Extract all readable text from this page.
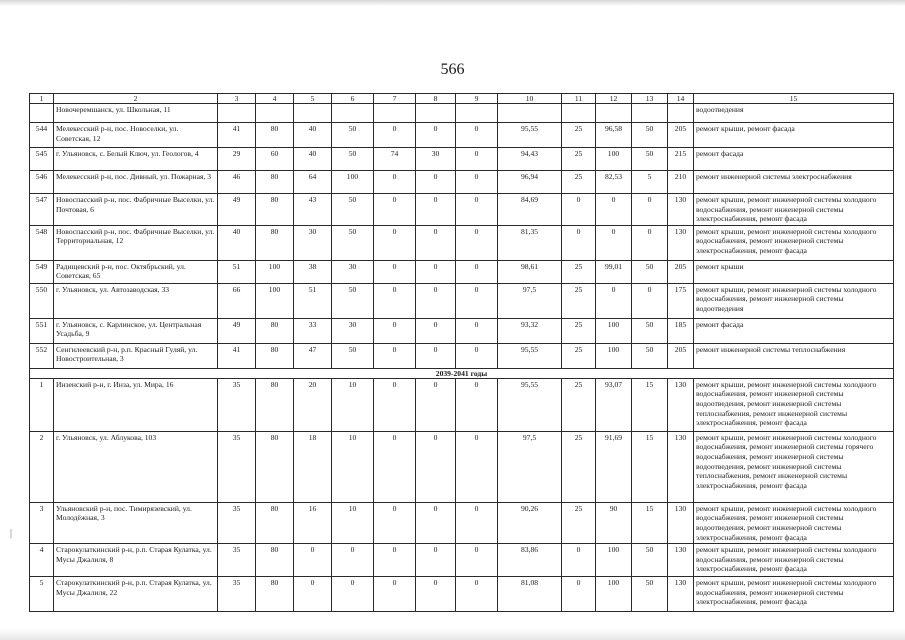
566
|
1	2	3	4	5	6	7	8	9	10	11	12	13	14	15
	Новочеремшанск, ул. Школьная, 11													водоотведения
544	Мелекесский р-н, пос. Новоселки, ул. Советская, 12	41	80	40	50	0	0	0	95,55	25	96,58	50	205	ремонт крыши, ремонт фасада
545	г. Ульяновск, с. Белый Ключ, ул. Геологов, 4	29	60	40	50	74	30	0	94,43	25	100	50	215	ремонт фасада
546	Мелекесский р-н, пос. Дивный, ул. Пожарная, 3	46	80	64	100	0	0	0	96,94	25	82,53	5	210	ремонт инженерной системы электроснабжения
547	Новоспасский р-н, пос. Фабричные Выселки, ул. Почтовая, 6	49	80	43	50	0	0	0	84,69	0	0	0	130	ремонт крыши, ремонт инженерной системы холодного водоснабжения, ремонт инженерной системы электроснабжения, ремонт фасада
548	Новоспасский р-н, пос. Фабричные Выселки, ул. Территориальная, 12	40	80	30	50	0	0	0	81,35	0	0	0	130	ремонт крыши, ремонт инженерной системы холодного водоснабжения, ремонт инженерной системы электроснабжения, ремонт фасада
549	Радищевский р-н, пос. Октябрьский, ул. Советская, 65	51	100	38	30	0	0	0	98,61	25	99,01	50	205	ремонт крыши
550	г. Ульяновск, ул. Автозаводская, 33	66	100	51	50	0	0	0	97,5	25	0	0	175	ремонт крыши, ремонт инженерной системы холодного водоснабжения, ремонт инженерной системы водоотведения
551	г. Ульяновск, с. Карлинское, ул. Центральная Усадьба, 9	49	80	33	30	0	0	0	93,32	25	100	50	185	ремонт фасада
552	Сенгилеевский р-н, р.п. Красный Гуляй, ул. Новостроительная, 3	41	80	47	50	0	0	0	95,55	25	100	50	205	ремонт инженерной системы теплоснабжения
2039-2041 годы														
1	Инзенский р-н, г. Инза, ул. Мира, 16	35	80	20	10	0	0	0	95,55	25	93,07	15	130	ремонт крыши, ремонт инженерной системы холодного водоснабжения, ремонт инженерной системы водоотведения, ремонт инженерной системы теплоснабжения, ремонт инженерной системы электроснабжения, ремонт фасада
2	г. Ульяновск, ул. Аблукова, 103	35	80	18	10	0	0	0	97,5	25	91,69	15	130	ремонт крыши, ремонт инженерной системы холодного водоснабжения, ремонт инженерной системы горячего водоснабжения, ремонт инженерной системы водоотведения, ремонт инженерной системы теплоснабжения, ремонт инженерной системы электроснабжения, ремонт фасада
3	Ульяновский р-н, пос. Тимирязевский, ул. Молодёжная, 3	35	80	16	10	0	0	0	90,26	25	90	15	130	ремонт крыши, ремонт инженерной системы холодного водоснабжения, ремонт инженерной системы водоотведения, ремонт инженерной системы электроснабжения, ремонт фасада
4	Старокулаткинский р-н, р.п. Старая Кулатка, ул. Мусы Джалиля, 8	35	80	0	0	0	0	0	83,86	0	100	50	130	ремонт крыши, ремонт инженерной системы холодного водоснабжения, ремонт инженерной системы электроснабжения, ремонт фасада
5	Старокулаткинский р-н, р.п. Старая Кулатка, ул. Мусы Джалиля, 22	35	80	0	0	0	0	0	81,08	0	100	50	130	ремонт крыши, ремонт инженерной системы холодного водоснабжения, ремонт инженерной системы электроснабжения, ремонт фасада
